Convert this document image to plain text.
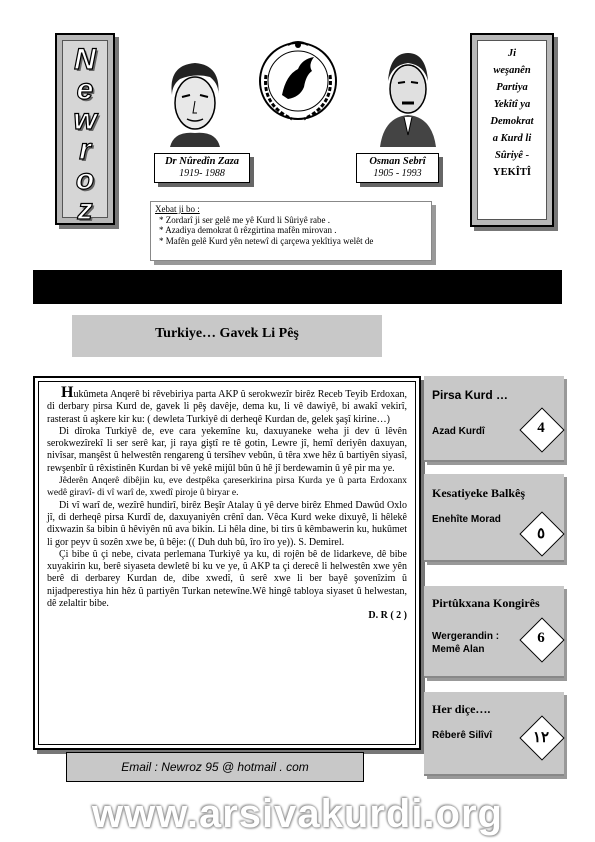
N
e
w
r
o
z
Dr Nûredîn Zaza
1919- 1988
Osman Sebrî
1905 - 1993
Ji
weşanên
Partiya
Yekîtî ya
Demokrat
a Kurd li
Sûriyê -
YEKÎTÎ
Xebat ji bo :
* Zordarî ji ser gelê me yê Kurd li Sûriyê rabe .
* Azadiya demokrat û rêzgirtina mafên mirovan .
* Mafên gelê Kurd yên netewî di çarçewa yekîtiya welêt de
Turkiye… Gavek Li Pêş

Hukûmeta Anqerê bi rêvebiriya parta AKP û serokwezîr birêz Receb Teyib Erdoxan, di derbary pirsa Kurd de, gavek li pêş davêje, dema ku, li vê dawiyê, bi awakî vekirî, rasterast û aşkere kir ku: ( dewleta Turkiyê di derheqê Kurdan de, gelek şaşî kirine…)

Di dîroka Turkiyê de, eve cara yekemîne ku, daxuyaneke weha ji dev û lêvên serokwezîrekî li ser serê kar, ji raya giştî re tê gotin, Lewre jî, hemî deriyên daxuyan, nivîsar, manşêst û helwestên rengareng û tersîhev vebûn, û têra xwe hêz û bartiyên siyasî, rewşenbîr û rêxistinên Kurdan bi vê yekê mijûl bûn û hê jî berdewamin û yê pir ma ye.

Jêderên Anqerê dibêjin ku, eve destpêka çareserkirina pirsa Kurda ye û parta Erdoxanx wedê giravî- di vî warî de, xwedî piroje û biryar e.

Di vî warî de, wezîrê hundirî, birêz Beşîr Atalay û yê derve birêz Ehmed Dawûd Oxlo jî, di derheqê pirsa Kurdî de, daxuyaniyên crênî dan. Vêca Kurd weke dixuyê, li hêlekê dixwazin ša bibin û hêviyên nû ava bikin. Li hêla dine, bi tirs û kêmbawerin ku, hukûmet li gor peyv û sozên xwe be, û bêje: (( Duh duh bû, îro îro ye)). S. Demirel.

Çi bibe û çi nebe, civata perlemana Turkiyê ya ku, di rojên bê de lidarkeve, dê bibe xuyakirin ku, berê siyaseta dewletê bi ku ve ye, û AKP ta çi derecê li helwestên xwe yên berê di derbarey Kurdan de, dibe xwedî, û serê xwe li ber bayê şovenîzim û nijadperestiya hin hêz û partiyên Turkan netewîne.Wê hingê tabloya siyaset û helwestan, dê zelaltir bibe.

D. R ( 2 )
Pirsa Kurd …
Azad Kurdî	4
Kesatiyeke Balkêş
Enehîte Morad
٥
Pirtûkxana Kongirês
Wergerandin :
Memê Alan
6
Her diçe….
Rêberê Silîvî	١٢
Email : Newroz 95 @ hotmail . com
www.arsivakurdi.org
